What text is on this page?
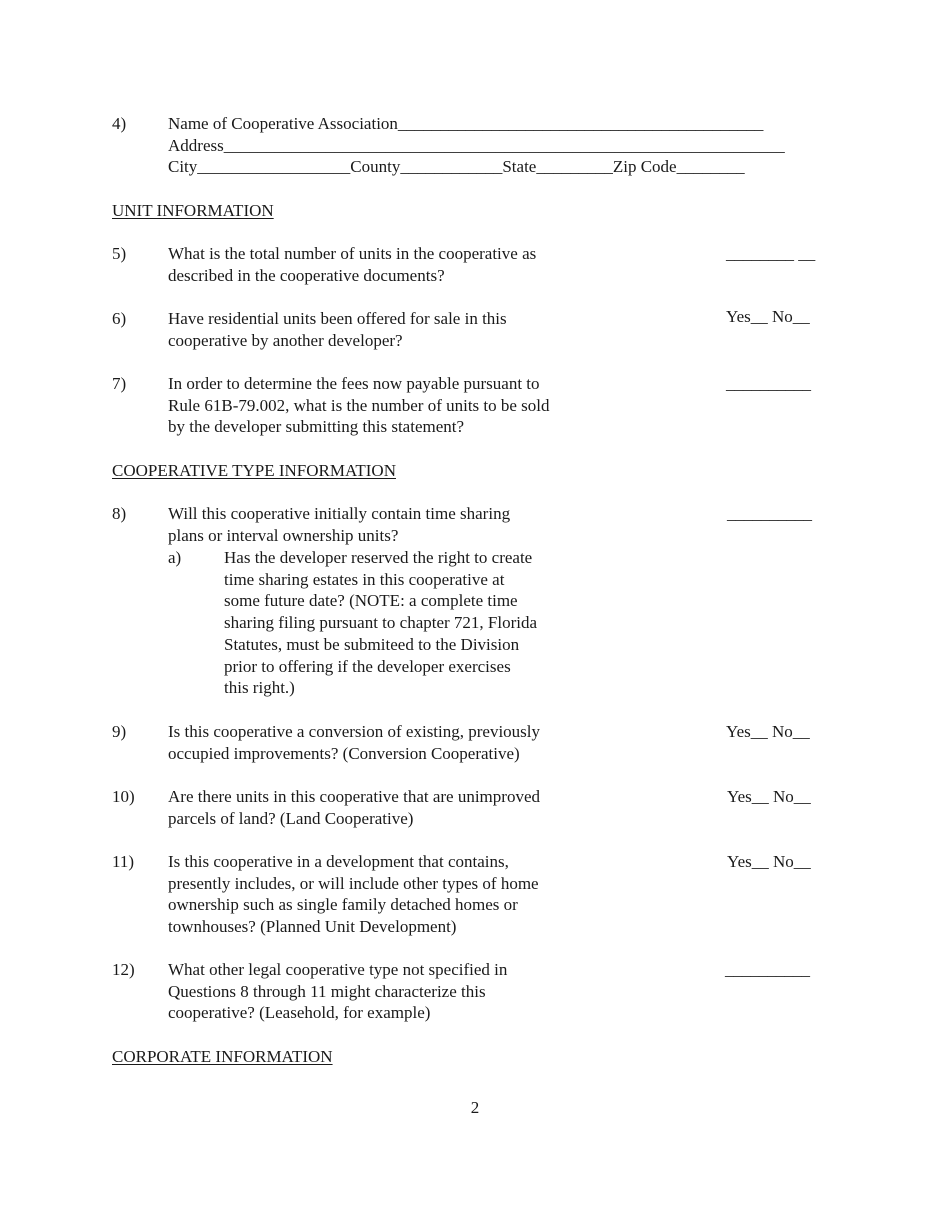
4) Name of Cooperative Association___________________________________________
Address__________________________________________________________________
City__________________County____________State_________Zip Code________
UNIT INFORMATION
5) What is the total number of units in the cooperative as
described in the cooperative documents?
________ __
6) Have residential units been offered for sale in this
cooperative by another developer?
Yes__ No__
7) In order to determine the fees now payable pursuant to
Rule 61B-79.002, what is the number of units to be sold
by the developer submitting this statement?
__________
COOPERATIVE TYPE INFORMATION
8) Will this cooperative initially contain time sharing
plans or interval ownership units?
__________
a)	Has the developer reserved the right to create
time sharing estates in this cooperative at
some future date? (NOTE: a complete time
sharing filing pursuant to chapter 721, Florida
Statutes, must be submiteed to the Division
prior to offering if the developer exercises
this right.)
9) Is this cooperative a conversion of existing, previously
occupied improvements? (Conversion Cooperative)
Yes__ No__
10) Are there units in this cooperative that are unimproved
parcels of land? (Land Cooperative)
Yes__ No__
11) Is this cooperative in a development that contains,
presently includes, or will include other types of home
ownership such as single family detached homes or
townhouses? (Planned Unit Development)
Yes__ No__
12) What other legal cooperative type not specified in
Questions 8 through 11 might characterize this
cooperative? (Leasehold, for example)
__________
CORPORATE INFORMATION
2
